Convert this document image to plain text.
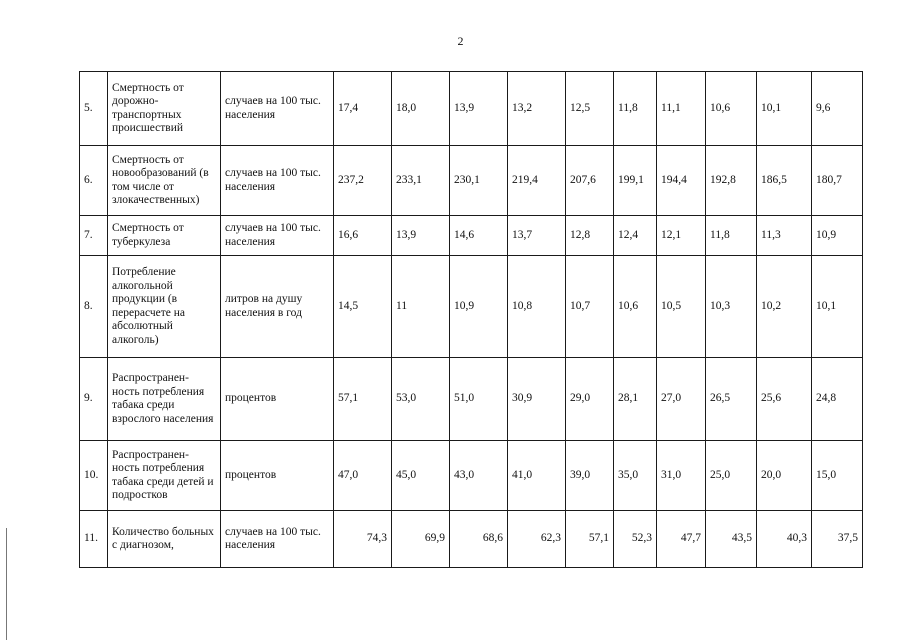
2
5.	Смертность от дорожно-транспортных происшествий	случаев на 100 тыс. населения	17,4	18,0	13,9	13,2	12,5	11,8	11,1	10,6	10,1	9,6
6.	Смертность от новообразований (в том числе от злокачественных)	случаев на 100 тыс. населения	237,2	233,1	230,1	219,4	207,6	199,1	194,4	192,8	186,5	180,7
7.	Смертность от туберкулеза	случаев на 100 тыс. населения	16,6	13,9	14,6	13,7	12,8	12,4	12,1	11,8	11,3	10,9
8.	Потребление алкогольной продукции (в перерасчете на абсолютный алкоголь)	литров на душу населения в год	14,5	11	10,9	10,8	10,7	10,6	10,5	10,3	10,2	10,1
9.	Распространен-ность потребления табака среди взрослого населения	процентов	57,1	53,0	51,0	30,9	29,0	28,1	27,0	26,5	25,6	24,8
10.	Распространен-ность потребления табака среди детей и подростков	процентов	47,0	45,0	43,0	41,0	39,0	35,0	31,0	25,0	20,0	15,0
11.	Количество больных с диагнозом,	случаев на 100 тыс. населения	74,3	69,9	68,6	62,3	57,1	52,3	47,7	43,5	40,3	37,5
